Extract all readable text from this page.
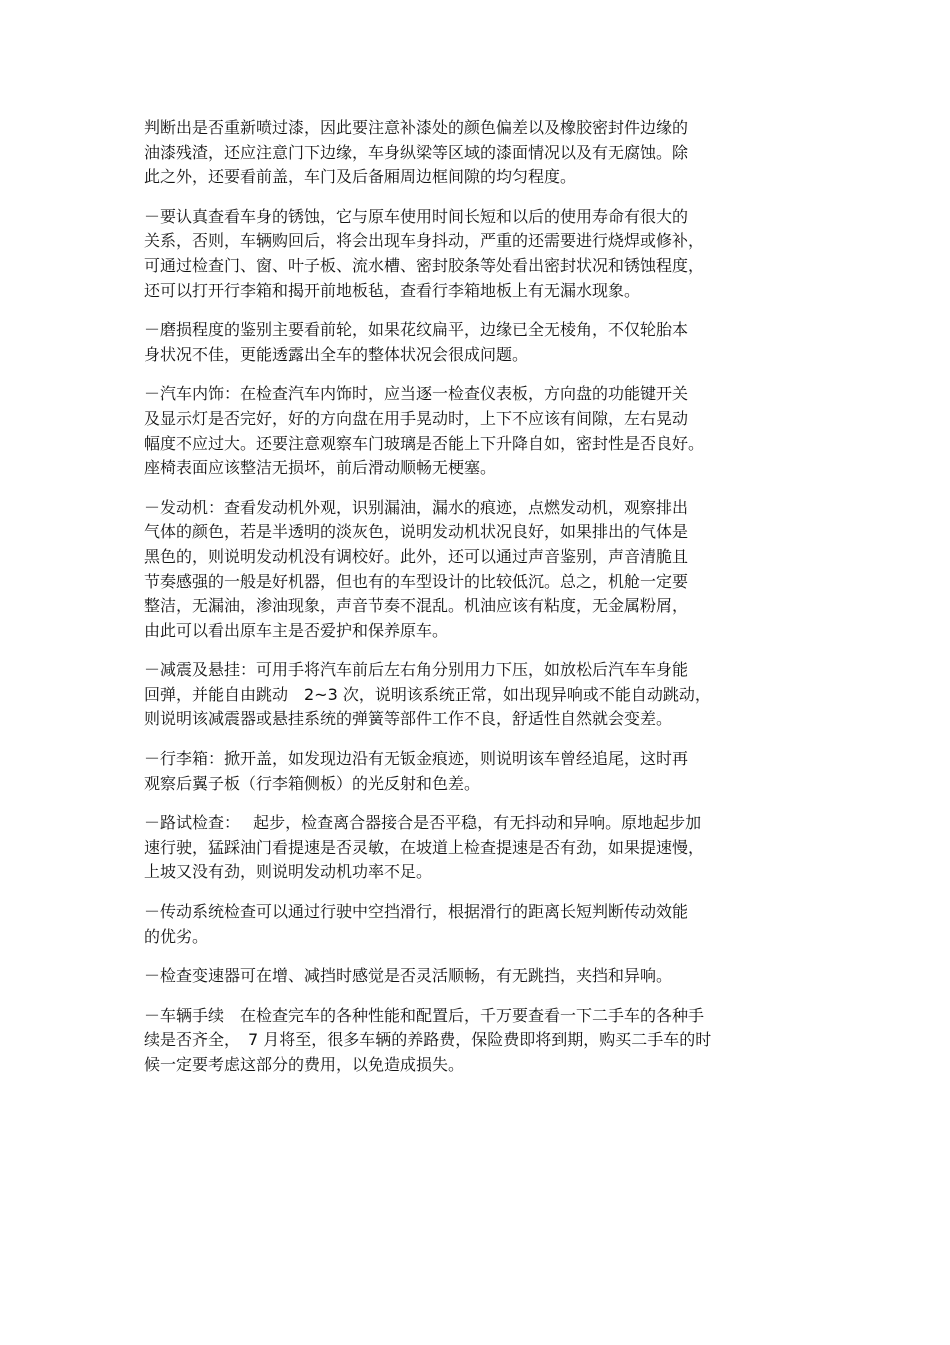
判断出是否重新喷过漆，因此要注意补漆处的颜色偏差以及橡胶密封件边缘的
油漆残渣，还应注意门下边缘，车身纵梁等区域的漆面情况以及有无腐蚀。除
此之外，还要看前盖，车门及后备厢周边框间隙的均匀程度。
－要认真查看车身的锈蚀，它与原车使用时间长短和以后的使用寿命有很大的
关系，否则，车辆购回后，将会出现车身抖动，严重的还需要进行烧焊或修补，
可通过检查门、窗、叶子板、流水槽、密封胶条等处看出密封状况和锈蚀程度，
还可以打开行李箱和揭开前地板毡，查看行李箱地板上有无漏水现象。
－磨损程度的鉴别主要看前轮，如果花纹扁平，边缘已全无棱角，不仅轮胎本
身状况不佳，更能透露出全车的整体状况会很成问题。
－汽车内饰：在检查汽车内饰时，应当逐一检查仪表板，方向盘的功能键开关
及显示灯是否完好，好的方向盘在用手晃动时，上下不应该有间隙，左右晃动
幅度不应过大。还要注意观察车门玻璃是否能上下升降自如，密封性是否良好。
座椅表面应该整洁无损坏，前后滑动顺畅无梗塞。
－发动机：查看发动机外观，识别漏油，漏水的痕迹，点燃发动机，观察排出
气体的颜色，若是半透明的淡灰色，说明发动机状况良好，如果排出的气体是
黑色的，则说明发动机没有调校好。此外，还可以通过声音鉴别，声音清脆且
节奏感强的一般是好机器，但也有的车型设计的比较低沉。总之，机舱一定要
整洁，无漏油，渗油现象，声音节奏不混乱。机油应该有粘度，无金属粉屑，
由此可以看出原车主是否爱护和保养原车。
－减震及悬挂：可用手将汽车前后左右角分别用力下压，如放松后汽车车身能
回弹，并能自由跳动　2~3 次，说明该系统正常，如出现异响或不能自动跳动，
则说明该减震器或悬挂系统的弹簧等部件工作不良，舒适性自然就会变差。
－行李箱：掀开盖，如发现边沿有无钣金痕迹，则说明该车曾经追尾，这时再
观察后翼子板（行李箱侧板）的光反射和色差。
－路试检查：　 起步，检查离合器接合是否平稳，有无抖动和异响。原地起步加
速行驶，猛踩油门看提速是否灵敏，在坡道上检查提速是否有劲，如果提速慢，
上坡又没有劲，则说明发动机功率不足。
－传动系统检查可以通过行驶中空挡滑行，根据滑行的距离长短判断传动效能
的优劣。
－检查变速器可在增、减挡时感觉是否灵活顺畅，有无跳挡，夹挡和异响。
－车辆手续　在检查完车的各种性能和配置后，千万要查看一下二手车的各种手
续是否齐全，　7 月将至，很多车辆的养路费，保险费即将到期，购买二手车的时
候一定要考虑这部分的费用，以免造成损失。
